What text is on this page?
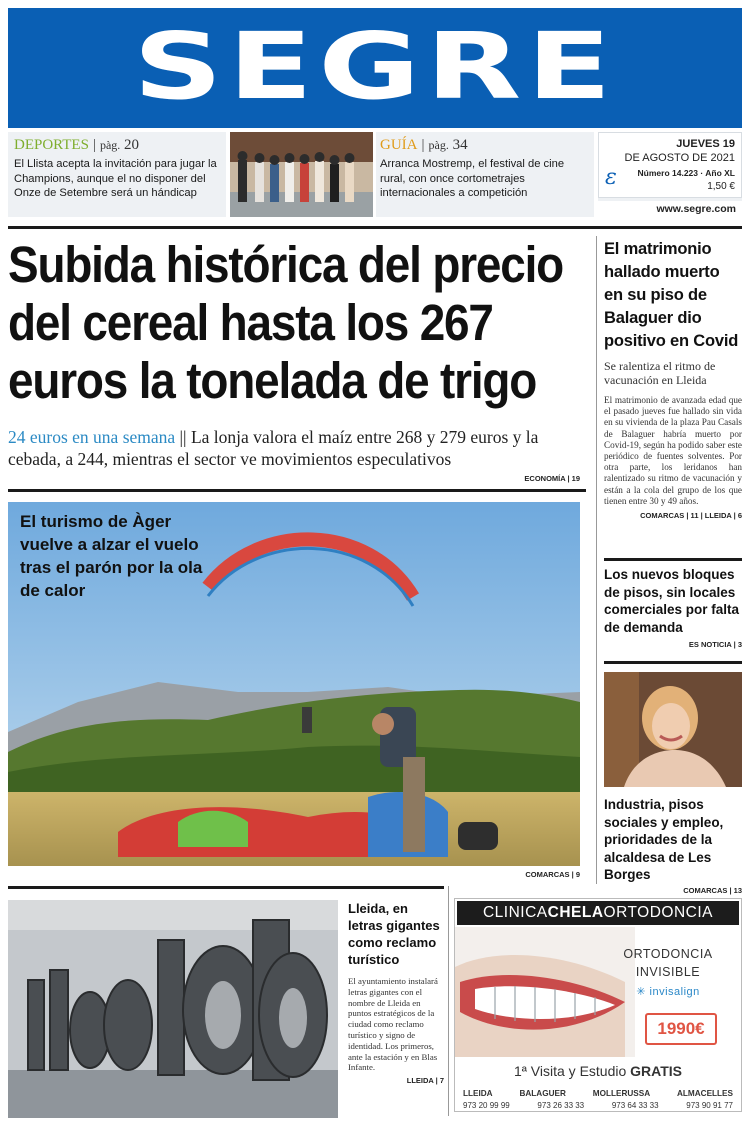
SEGRE
DEPORTES | pàg. 20
El Llista acepta la invitación para jugar la Champions, aunque el no disponer del Onze de Setembre será un hándicap
GUÍA | pàg. 34
Arranca Mostremp, el festival de cine rural, con once cortometrajes internacionales a competición
JUEVES 19
DE AGOSTO DE 2021
ɛ Número 14.223 · Año XL
1,50 €
www.segre.com
Subida histórica del precio del cereal hasta los 267 euros la tonelada de trigo
24 euros en una semana || La lonja valora el maíz entre 268 y 279 euros y la cebada, a 244, mientras el sector ve movimientos especulativos
ECONOMÍA | 19
El turismo de Àger vuelve a alzar el vuelo tras el parón por la ola de calor
COMARCAS | 9
El matrimonio hallado muerto en su piso de Balaguer dio positivo en Covid
Se ralentiza el ritmo de vacunación en Lleida
El matrimonio de avanzada edad que el pasado jueves fue hallado sin vida en su vivienda de la plaza Pau Casals de Balaguer habría muerto por Covid-19, según ha podido saber este periódico de fuentes solventes. Por otra parte, los leridanos han ralentizado su ritmo de vacunación y están a la cola del grupo de los que tienen entre 30 y 49 años.
COMARCAS | 11 | LLEIDA | 6
Los nuevos bloques de pisos, sin locales comerciales por falta de demanda
ES NOTICIA | 3
Industria, pisos sociales y empleo, prioridades de la alcaldesa de Les Borges
COMARCAS | 13
Lleida, en letras gigantes como reclamo turístico
El ayuntamiento instalará letras gigantes con el nombre de Lleida en puntos estratégicos de la ciudad como reclamo turístico y signo de identidad. Los primeros, ante la estación y en Blas Infante.
LLEIDA | 7
CLINICACHELAORTODONCIA
ORTODONCIA
INVISIBLE
✳ invisalign
1990€
1ª Visita y Estudio GRATIS
LLEIDA	BALAGUER	MOLLERUSSA	ALMACELLES
973 20 99 99	973 26 33 33	973 64 33 33	973 90 91 77
